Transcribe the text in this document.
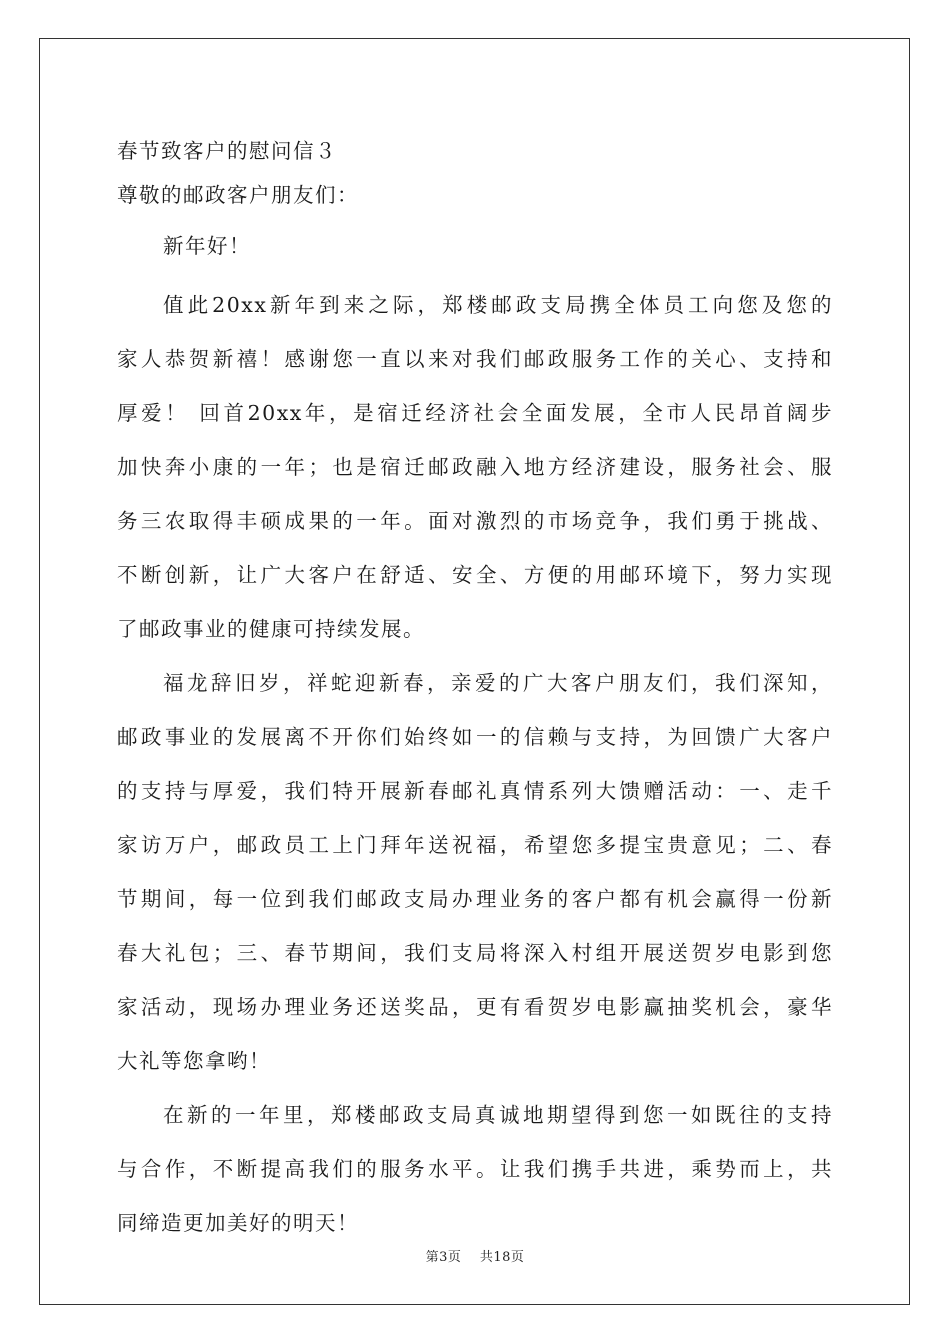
春节致客户的慰问信３
尊敬的邮政客户朋友们：
新年好！
值此20xx新年到来之际，郑楼邮政支局携全体员工向您及您的
家人恭贺新禧！感谢您一直以来对我们邮政服务工作的关心、支持和
厚爱！ 回首20xx年，是宿迁经济社会全面发展，全市人民昂首阔步
加快奔小康的一年；也是宿迁邮政融入地方经济建设，服务社会、服
务三农取得丰硕成果的一年。面对激烈的市场竞争，我们勇于挑战、
不断创新，让广大客户在舒适、安全、方便的用邮环境下，努力实现
了邮政事业的健康可持续发展。
福龙辞旧岁，祥蛇迎新春，亲爱的广大客户朋友们，我们深知，
邮政事业的发展离不开你们始终如一的信赖与支持，为回馈广大客户
的支持与厚爱，我们特开展新春邮礼真情系列大馈赠活动：一、走千
家访万户，邮政员工上门拜年送祝福，希望您多提宝贵意见；二、春
节期间，每一位到我们邮政支局办理业务的客户都有机会赢得一份新
春大礼包；三、春节期间，我们支局将深入村组开展送贺岁电影到您
家活动，现场办理业务还送奖品，更有看贺岁电影赢抽奖机会，豪华
大礼等您拿哟！
在新的一年里，郑楼邮政支局真诚地期望得到您一如既往的支持
与合作，不断提高我们的服务水平。让我们携手共进，乘势而上，共
同缔造更加美好的明天！
第3页 共18页
